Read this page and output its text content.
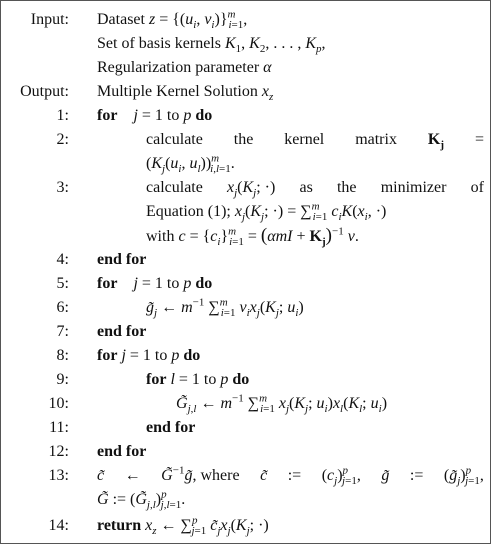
Input: Dataset $z = \{(u_i$, $v_i)\}^m_{i=1}$,
Set of basis kernels $K_1$, $K_2$, . . . , $K_p$,
Regularization parameter α
Output: Multiple Kernel Solution $x_z$
1: for j = 1 to p do
2:	calculate the kernel matrix $K_j$ =
($K_j(u_i$, $u_l))^m_{i,l=1}$.
3:	calculate $x_j(K_j$; ·) as the minimizer of
Equation (1); $x_j(K_j$; ·) = ∑$^m_{i=1}$ $c_iK(x_i$, ·)
with $c = \{c_i\}^m_{i=1} = (\alpha mI + K_j)^{-1}$ v.
4: end for
5: for j = 1 to p do
6:	$g̃_j$ ← $m^{-1}$ ∑$^m_{i=1}$ $v_ix_j(K_j$; $u_i$)
7: end for
8: for j = 1 to p do
9:	for l = 1 to p do
10:	$G̃_{j,l}$ ← $m^{-1}$ ∑$^m_{i=1}$ $x_j(K_j$; $u_i)x_l(K_l$; $u_i$)
11:	end for
12: end for
13: c̃ ← G̃$^{-1}$g̃, where c̃ := $(c_j)^p_{j=1}$, g̃ := $(g̃_j)^p_{j=1}$,
G̃ := $(G̃_{j,l})^p_{j,l=1}$.
14: return $x_z$ ← ∑$^p_{j=1}$ $c̃_jx_j(K_j$; ·)
